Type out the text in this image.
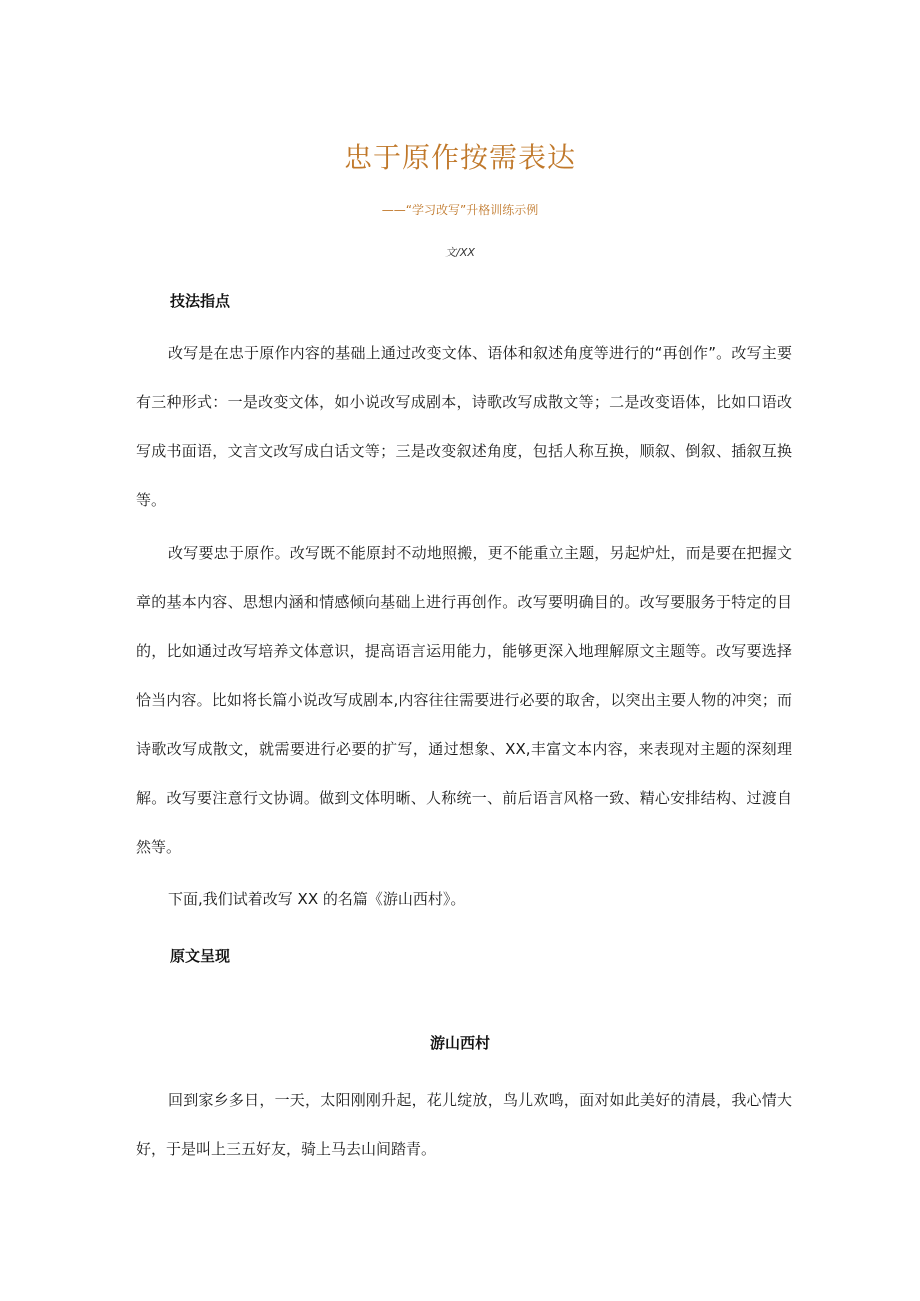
忠于原作按需表达
——“学习改写”升格训练示例
文/XX
技法指点

改写是在忠于原作内容的基础上通过改变文体、语体和叙述角度等进行的“再创作”。改写主要有三种形式：一是改变文体，如小说改写成剧本，诗歌改写成散文等；二是改变语体，比如口语改写成书面语，文言文改写成白话文等；三是改变叙述角度，包括人称互换，顺叙、倒叙、插叙互换等。

改写要忠于原作。改写既不能原封不动地照搬，更不能重立主题，另起炉灶，而是要在把握文章的基本内容、思想内涵和情感倾向基础上进行再创作。改写要明确目的。改写要服务于特定的目的，比如通过改写培养文体意识，提高语言运用能力，能够更深入地理解原文主题等。改写要选择恰当内容。比如将长篇小说改写成剧本,内容往往需要进行必要的取舍，以突出主要人物的冲突；而诗歌改写成散文，就需要进行必要的扩写，通过想象、XX,丰富文本内容，来表现对主题的深刻理解。改写要注意行文协调。做到文体明晰、人称统一、前后语言风格一致、精心安排结构、过渡自然等。

下面,我们试着改写 XX 的名篇《游山西村》。

原文呈现
游山西村

回到家乡多日，一天，太阳刚刚升起，花儿绽放，鸟儿欢鸣，面对如此美好的清晨，我心情大好，于是叫上三五好友，骑上马去山间踏青。
